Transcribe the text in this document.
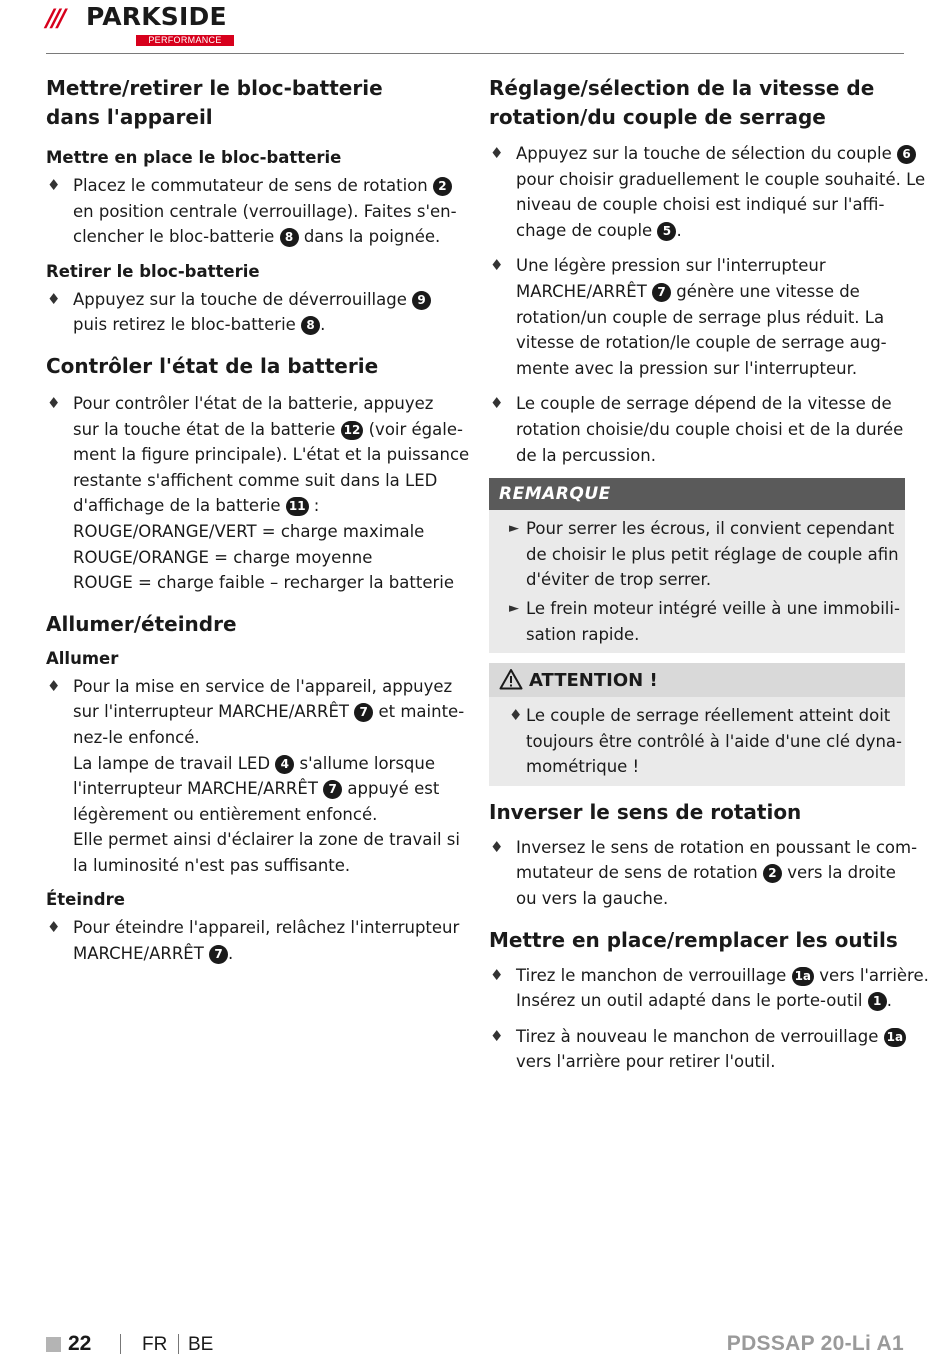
/// PARKSIDE
PERFORMANCE
Mettre/retirer le bloc-batterie
dans l'appareil
Mettre en place le bloc-batterie
♦ Placez le commutateur de sens de rotation 2
en position centrale (verrouillage). Faites s'en-
clencher le bloc-batterie 8 dans la poignée.
Retirer le bloc-batterie
♦ Appuyez sur la touche de déverrouillage 9
puis retirez le bloc-batterie 8 .
Contrôler l'état de la batterie
♦ Pour contrôler l'état de la batterie, appuyez
sur la touche état de la batterie 12 (voir égale-
ment la figure principale). L'état et la puissance
restante s'affichent comme suit dans la LED
d'affichage de la batterie 11 :
ROUGE/ORANGE/VERT = charge maximale
ROUGE/ORANGE = charge moyenne
ROUGE = charge faible – recharger la batterie
Allumer/éteindre
Allumer
♦ Pour la mise en service de l'appareil, appuyez
sur l'interrupteur MARCHE/ARRÊT 7 et mainte-
nez-le enfoncé.
La lampe de travail LED 4 s'allume lorsque
l'interrupteur MARCHE/ARRÊT 7 appuyé est
légèrement ou entièrement enfoncé.
Elle permet ainsi d'éclairer la zone de travail si
la luminosité n'est pas suffisante.
Éteindre
♦ Pour éteindre l'appareil, relâchez l'interrupteur
MARCHE/ARRÊT 7 .
Réglage/sélection de la vitesse de
rotation/du couple de serrage
♦ Appuyez sur la touche de sélection du couple 6
pour choisir graduellement le couple souhaité. Le
niveau de couple choisi est indiqué sur l'affi-
chage de couple 5 .
♦ Une légère pression sur l'interrupteur
MARCHE/ARRÊT 7 génère une vitesse de
rotation/un couple de serrage plus réduit. La
vitesse de rotation/le couple de serrage aug-
mente avec la pression sur l'interrupteur.
♦ Le couple de serrage dépend de la vitesse de
rotation choisie/du couple choisi et de la durée
de la percussion.
REMARQUE
► Pour serrer les écrous, il convient cependant
de choisir le plus petit réglage de couple afin
d'éviter de trop serrer.
► Le frein moteur intégré veille à une immobili-
sation rapide.
ATTENTION !
♦ Le couple de serrage réellement atteint doit
toujours être contrôlé à l'aide d'une clé dyna-
mométrique !
Inverser le sens de rotation
♦ Inversez le sens de rotation en poussant le com-
mutateur de sens de rotation 2 vers la droite
ou vers la gauche.
Mettre en place/remplacer les outils
♦ Tirez le manchon de verrouillage 1a vers l'arrière.
Insérez un outil adapté dans le porte-outil 1 .
♦ Tirez à nouveau le manchon de verrouillage 1a
vers l'arrière pour retirer l'outil.
22	FR BE	PDSSAP 20-Li A1
